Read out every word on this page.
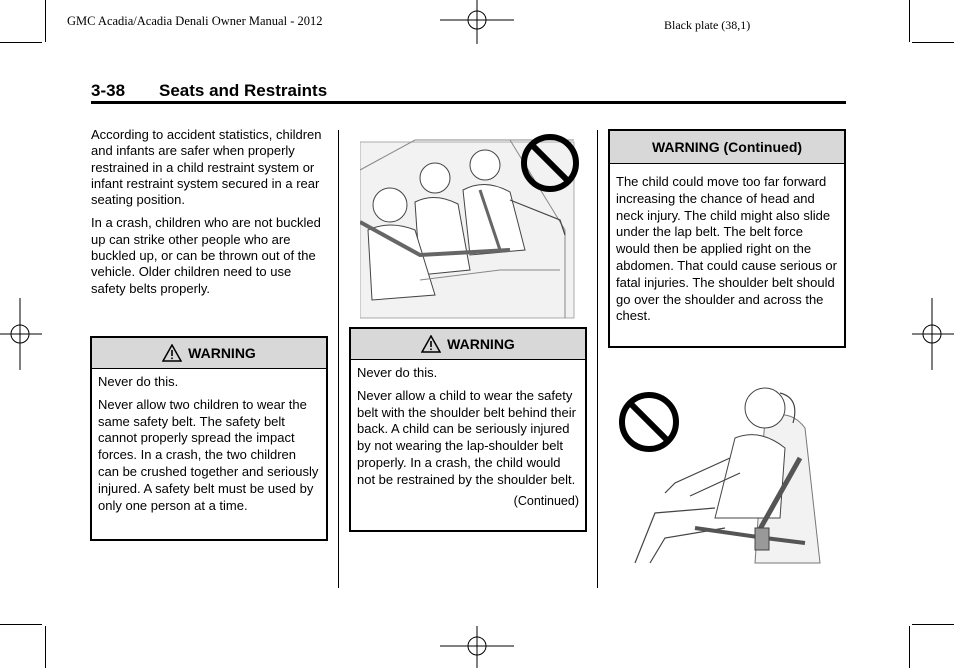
GMC Acadia/Acadia Denali Owner Manual - 2012	Black plate (38,1)
3-38 Seats and Restraints

According to accident statistics, children and infants are safer when properly restrained in a child restraint system or infant restraint system secured in a rear seating position.

In a crash, children who are not buckled up can strike other people who are buckled up, or can be thrown out of the vehicle. Older children need to use safety belts properly.

WARNING

Never do this.

Never allow two children to wear the same safety belt. The safety belt cannot properly spread the impact forces. In a crash, the two children can be crushed together and seriously injured. A safety belt must be used by only one person at a time.

WARNING

Never do this.

Never allow a child to wear the safety belt with the shoulder belt behind their back. A child can be seriously injured by not wearing the lap-shoulder belt properly. In a crash, the child would not be restrained by the shoulder belt.

(Continued)
WARNING (Continued)

The child could move too far forward increasing the chance of head and neck injury. The child might also slide under the lap belt. The belt force would then be applied right on the abdomen. That could cause serious or fatal injuries. The shoulder belt should go over the shoulder and across the chest.
